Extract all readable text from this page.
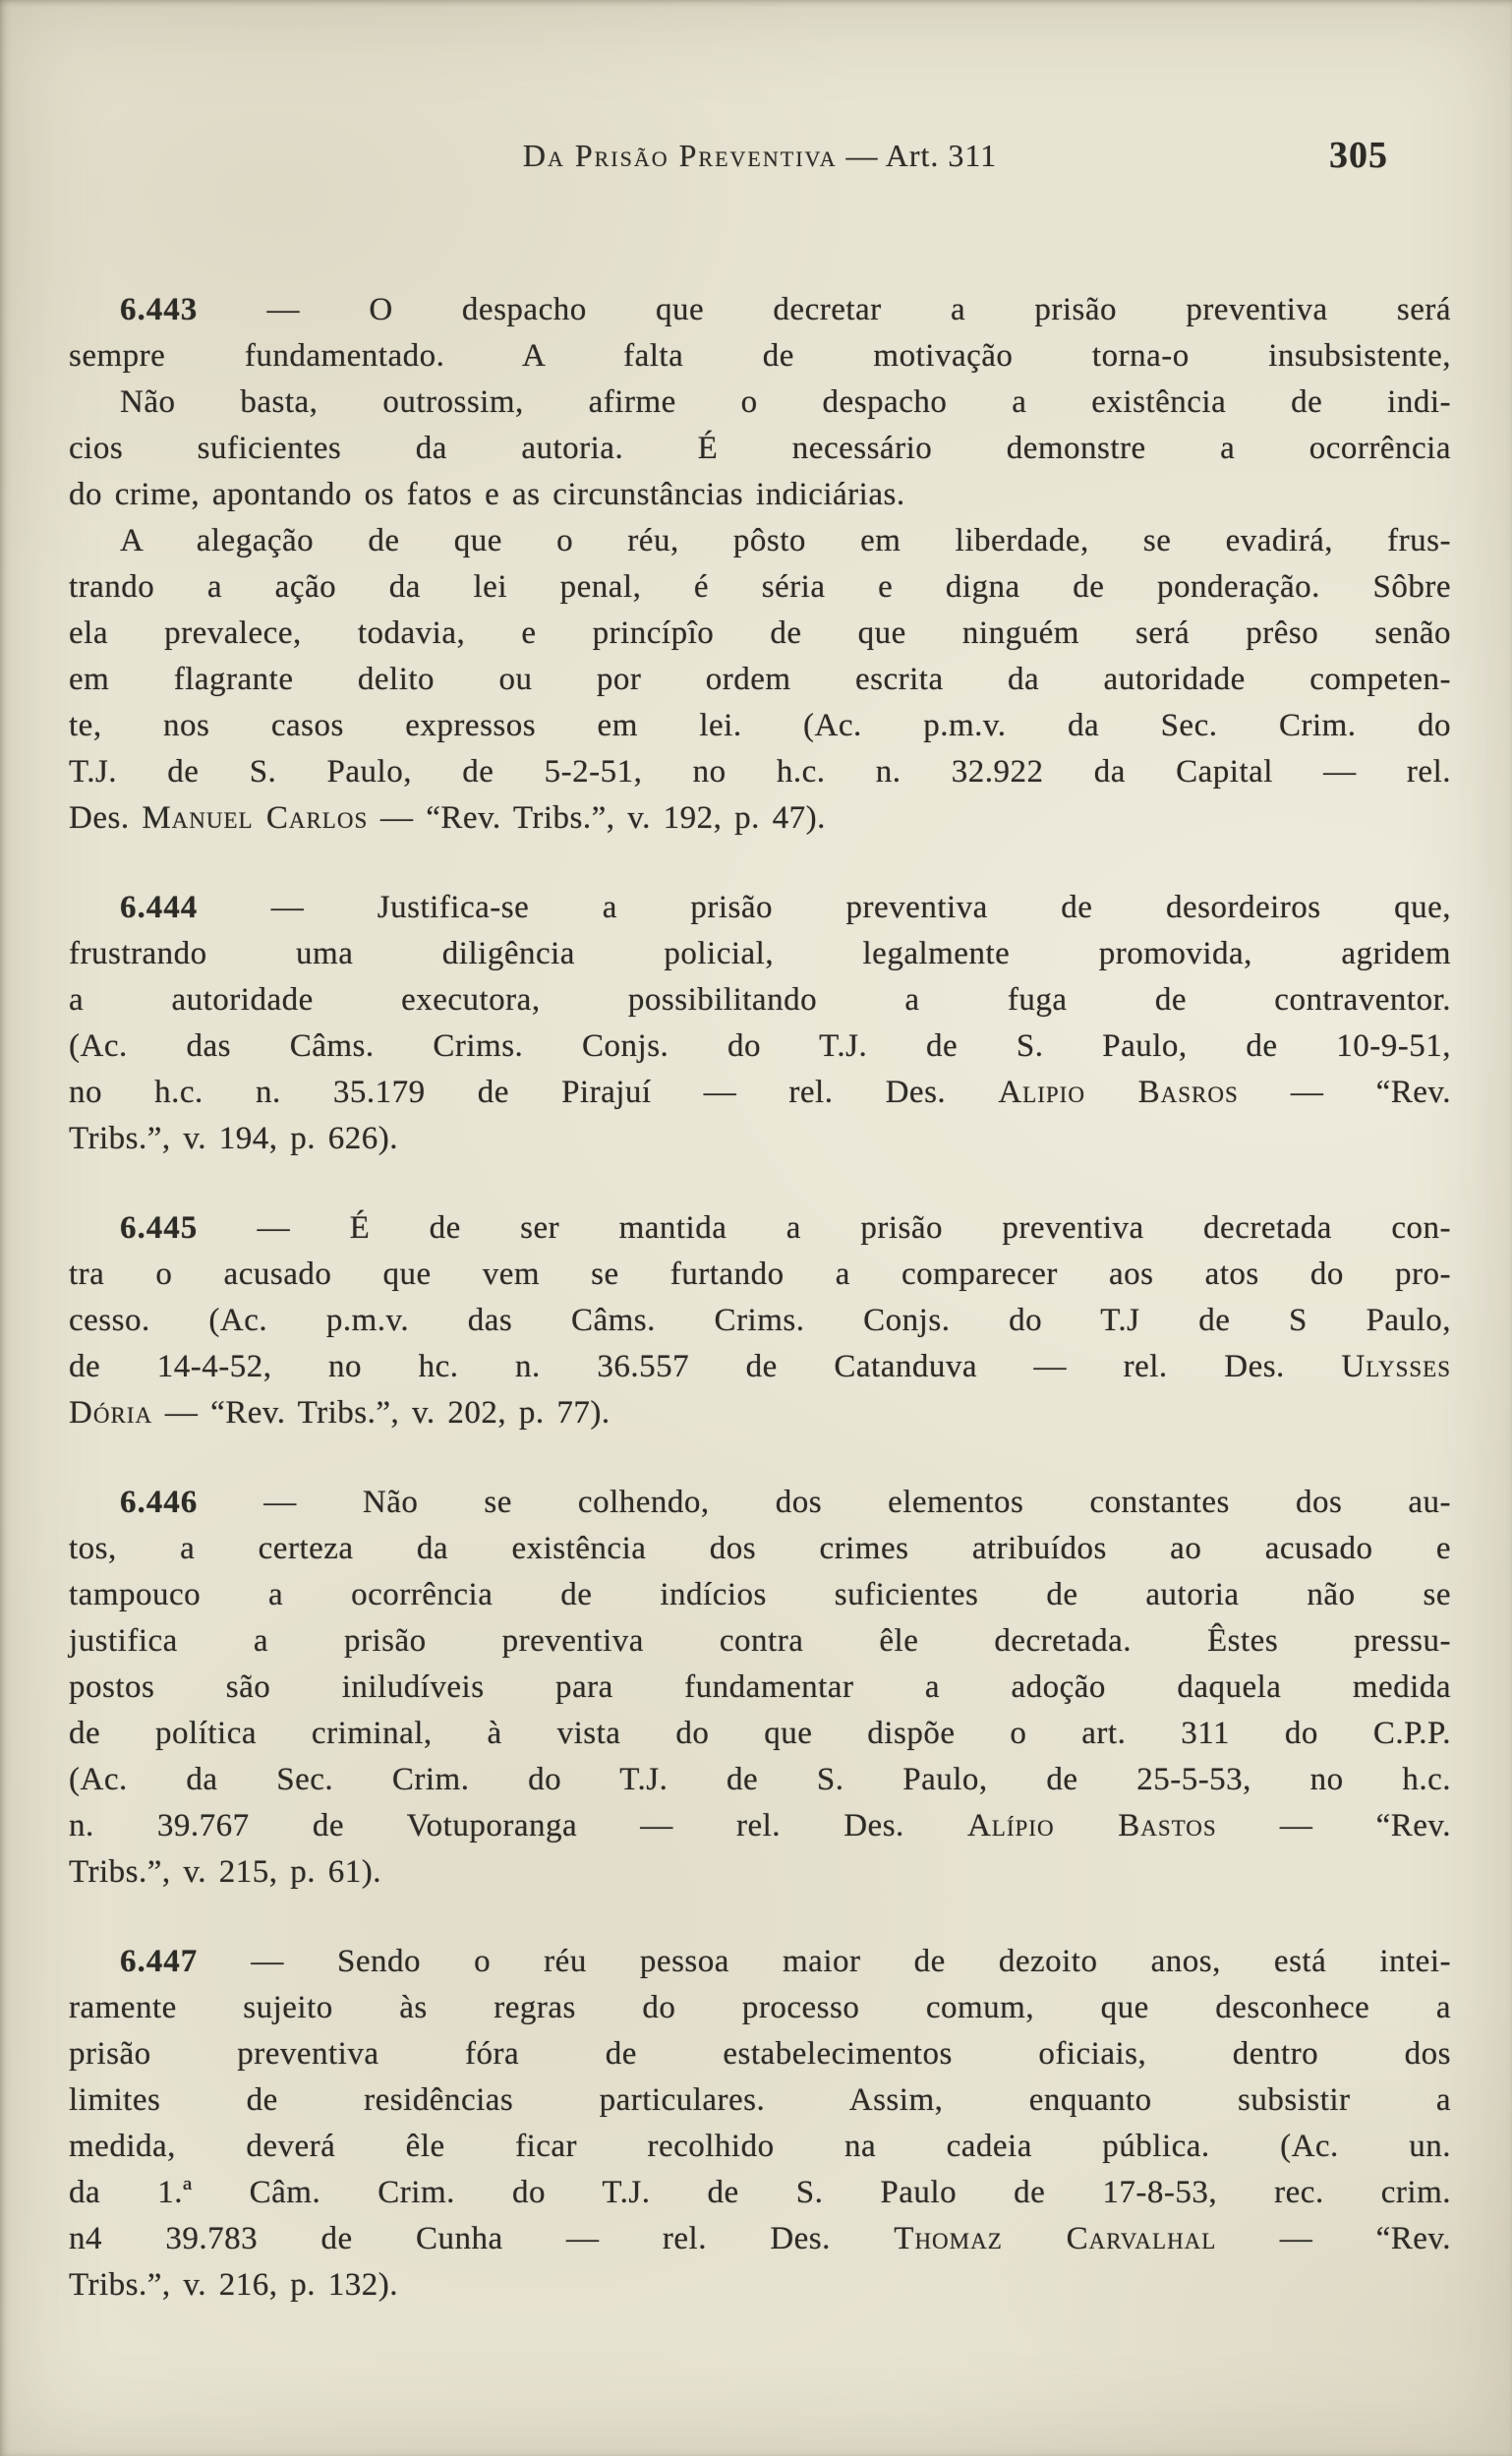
Da Prisão Preventiva — Art. 311	305
6.443 — O despacho que decretar a prisão preventiva será
sempre fundamentado. A falta de motivação torna-o insubsistente,
Não basta, outrossim, afirme o despacho a existência de indi-
cios suficientes da autoria. É necessário demonstre a ocorrência
do crime, apontando os fatos e as circunstâncias indiciárias.
A alegação de que o réu, pôsto em liberdade, se evadirá, frus-
trando a ação da lei penal, é séria e digna de ponderação. Sôbre
ela prevalece, todavia, e princípîo de que ninguém será prêso senão
em flagrante delito ou por ordem escrita da autoridade competen-
te, nos casos expressos em lei. (Ac. p.m.v. da Sec. Crim. do
T.J. de S. Paulo, de 5-2-51, no h.c. n. 32.922 da Capital — rel.
Des. Manuel Carlos — “Rev. Tribs.”, v. 192, p. 47).
6.444 — Justifica-se a prisão preventiva de desordeiros que,
frustrando uma diligência policial, legalmente promovida, agridem
a autoridade executora, possibilitando a fuga de contraventor.
(Ac. das Câms. Crims. Conjs. do T.J. de S. Paulo, de 10-9-51,
no h.c. n. 35.179 de Pirajuí — rel. Des. Alipio Basros — “Rev.
Tribs.”, v. 194, p. 626).
6.445 — É de ser mantida a prisão preventiva decretada con-
tra o acusado que vem se furtando a comparecer aos atos do pro-
cesso. (Ac. p.m.v. das Câms. Crims. Conjs. do T.J de S Paulo,
de 14-4-52, no hc. n. 36.557 de Catanduva — rel. Des. Ulysses
Dória — “Rev. Tribs.”, v. 202, p. 77).
6.446 — Não se colhendo, dos elementos constantes dos au-
tos, a certeza da existência dos crimes atribuídos ao acusado e
tampouco a ocorrência de indícios suficientes de autoria não se
justifica a prisão preventiva contra êle decretada. Êstes pressu-
postos são iniludíveis para fundamentar a adoção daquela medida
de política criminal, à vista do que dispõe o art. 311 do C.P.P.
(Ac. da Sec. Crim. do T.J. de S. Paulo, de 25-5-53, no h.c.
n. 39.767 de Votuporanga — rel. Des. Alípio Bastos — “Rev.
Tribs.”, v. 215, p. 61).
6.447 — Sendo o réu pessoa maior de dezoito anos, está intei-
ramente sujeito às regras do processo comum, que desconhece a
prisão preventiva fóra de estabelecimentos oficiais, dentro dos
limites de residências particulares. Assim, enquanto subsistir a
medida, deverá êle ficar recolhido na cadeia pública. (Ac. un.
da 1.ª Câm. Crim. do T.J. de S. Paulo de 17-8-53, rec. crim.
n4 39.783 de Cunha — rel. Des. Thomaz Carvalhal — “Rev.
Tribs.”, v. 216, p. 132).
